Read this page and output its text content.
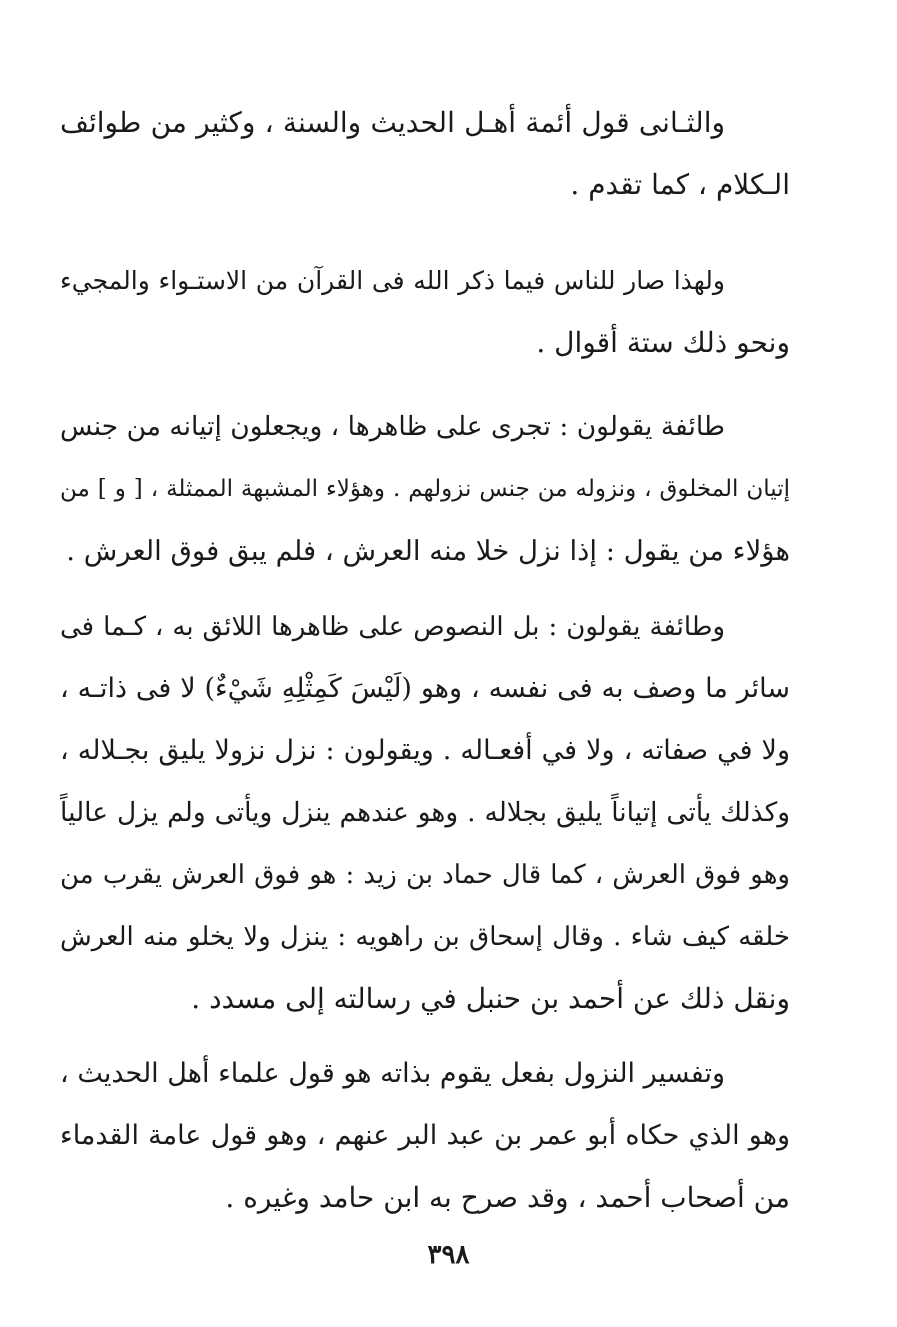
والثـانى قول أئمة أهـل الحديث والسنة ، وكثير من طوائف
الـكلام ، كما تقدم .
ولهذا صار للناس فيما ذكر الله فى القرآن من الاستـواء والمجيء
ونحو ذلك ستة أقوال .
طائفة يقولون : تجرى على ظاهرها ، ويجعلون إتيانه من جنس
إتيان المخلوق ، ونزوله من جنس نزولهم . وهؤلاء المشبهة الممثلة ، [ و ] من
هؤلاء من يقول : إذا نزل خلا منه العرش ، فلم يبق فوق العرش .
وطائفة يقولون : بل النصوص على ظاهرها اللائق به ، كـما فى
سائر ما وصف به فى نفسه ، وهو (لَيْسَ كَمِثْلِهِ شَيْءٌ) لا فى ذاتـه ،
ولا في صفاته ، ولا في أفعـاله . ويقولون : نزل نزولا يليق بجـلاله ،
وكذلك يأتى إتياناً يليق بجلاله . وهو عندهم ينزل ويأتى ولم يزل عالياً
وهو فوق العرش ، كما قال حماد بن زيد : هو فوق العرش يقرب من
خلقه كيف شاء . وقال إسحاق بن راهويه : ينزل ولا يخلو منه العرش
ونقل ذلك عن أحمد بن حنبل في رسالته إلى مسدد .
وتفسير النزول بفعل يقوم بذاته هو قول علماء أهل الحديث ،
وهو الذي حكاه أبو عمر بن عبد البر عنهم ، وهو قول عامة القدماء
من أصحاب أحمد ، وقد صرح به ابن حامد وغيره .
٣٩٨
